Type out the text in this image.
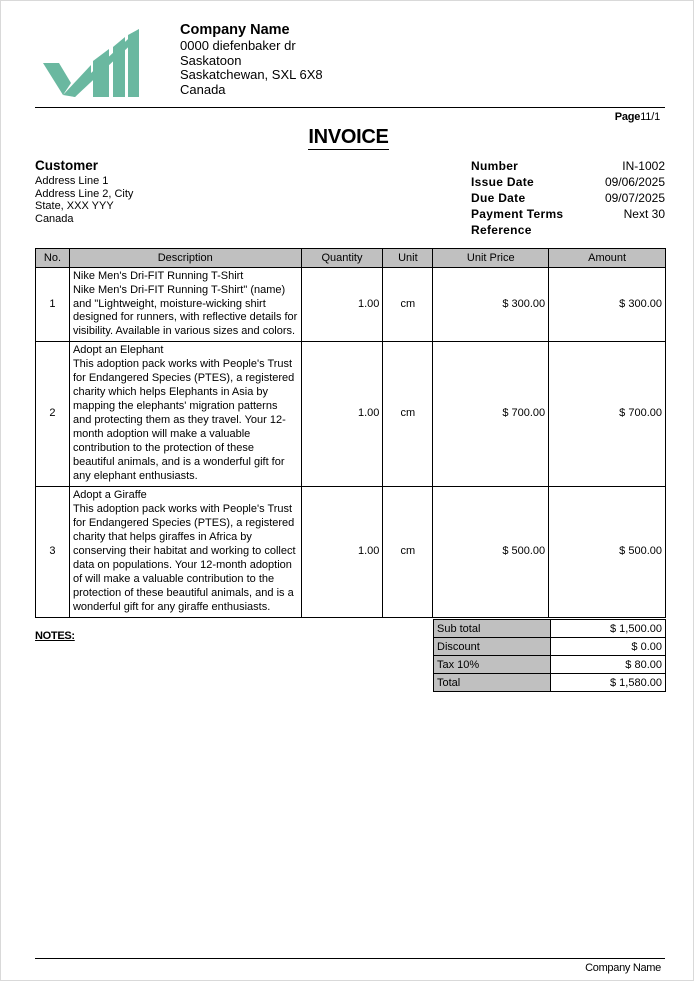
Company Name
0000 diefenbaker dr
Saskatoon
Saskatchewan, SXL 6X8
Canada
Page11/1
INVOICE
Customer
Address Line 1
Address Line 2, City
State, XXX YYY
Canada
Number	IN-1002
Issue Date	09/06/2025
Due Date	09/07/2025
Payment Terms	Next 30
Reference
No.	Description	Quantity	Unit	Unit Price	Amount
1	Nike Men's Dri-FIT Running T-Shirt
Nike Men's Dri-FIT Running T-Shirt" (name) and "Lightweight, moisture-wicking shirt designed for runners, with reflective details for visibility. Available in various sizes and colors.	1.00	cm	$ 300.00	$ 300.00
2	Adopt an Elephant
This adoption pack works with People's Trust for Endangered Species (PTES), a registered charity which helps Elephants in Asia by mapping the elephants' migration patterns and protecting them as they travel. Your 12-month adoption will make a valuable contribution to the protection of these beautiful animals, and is a wonderful gift for any elephant enthusiasts.	1.00	cm	$ 700.00	$ 700.00
3	Adopt a Giraffe
This adoption pack works with People's Trust for Endangered Species (PTES), a registered charity that helps giraffes in Africa by conserving their habitat and working to collect data on populations. Your 12-month adoption of will make a valuable contribution to the protection of these beautiful animals, and is a wonderful gift for any giraffe enthusiasts.	1.00	cm	$ 500.00	$ 500.00
NOTES:
Sub total	$ 1,500.00
Discount	$ 0.00
Tax 10%	$ 80.00
Total	$ 1,580.00
Company Name
